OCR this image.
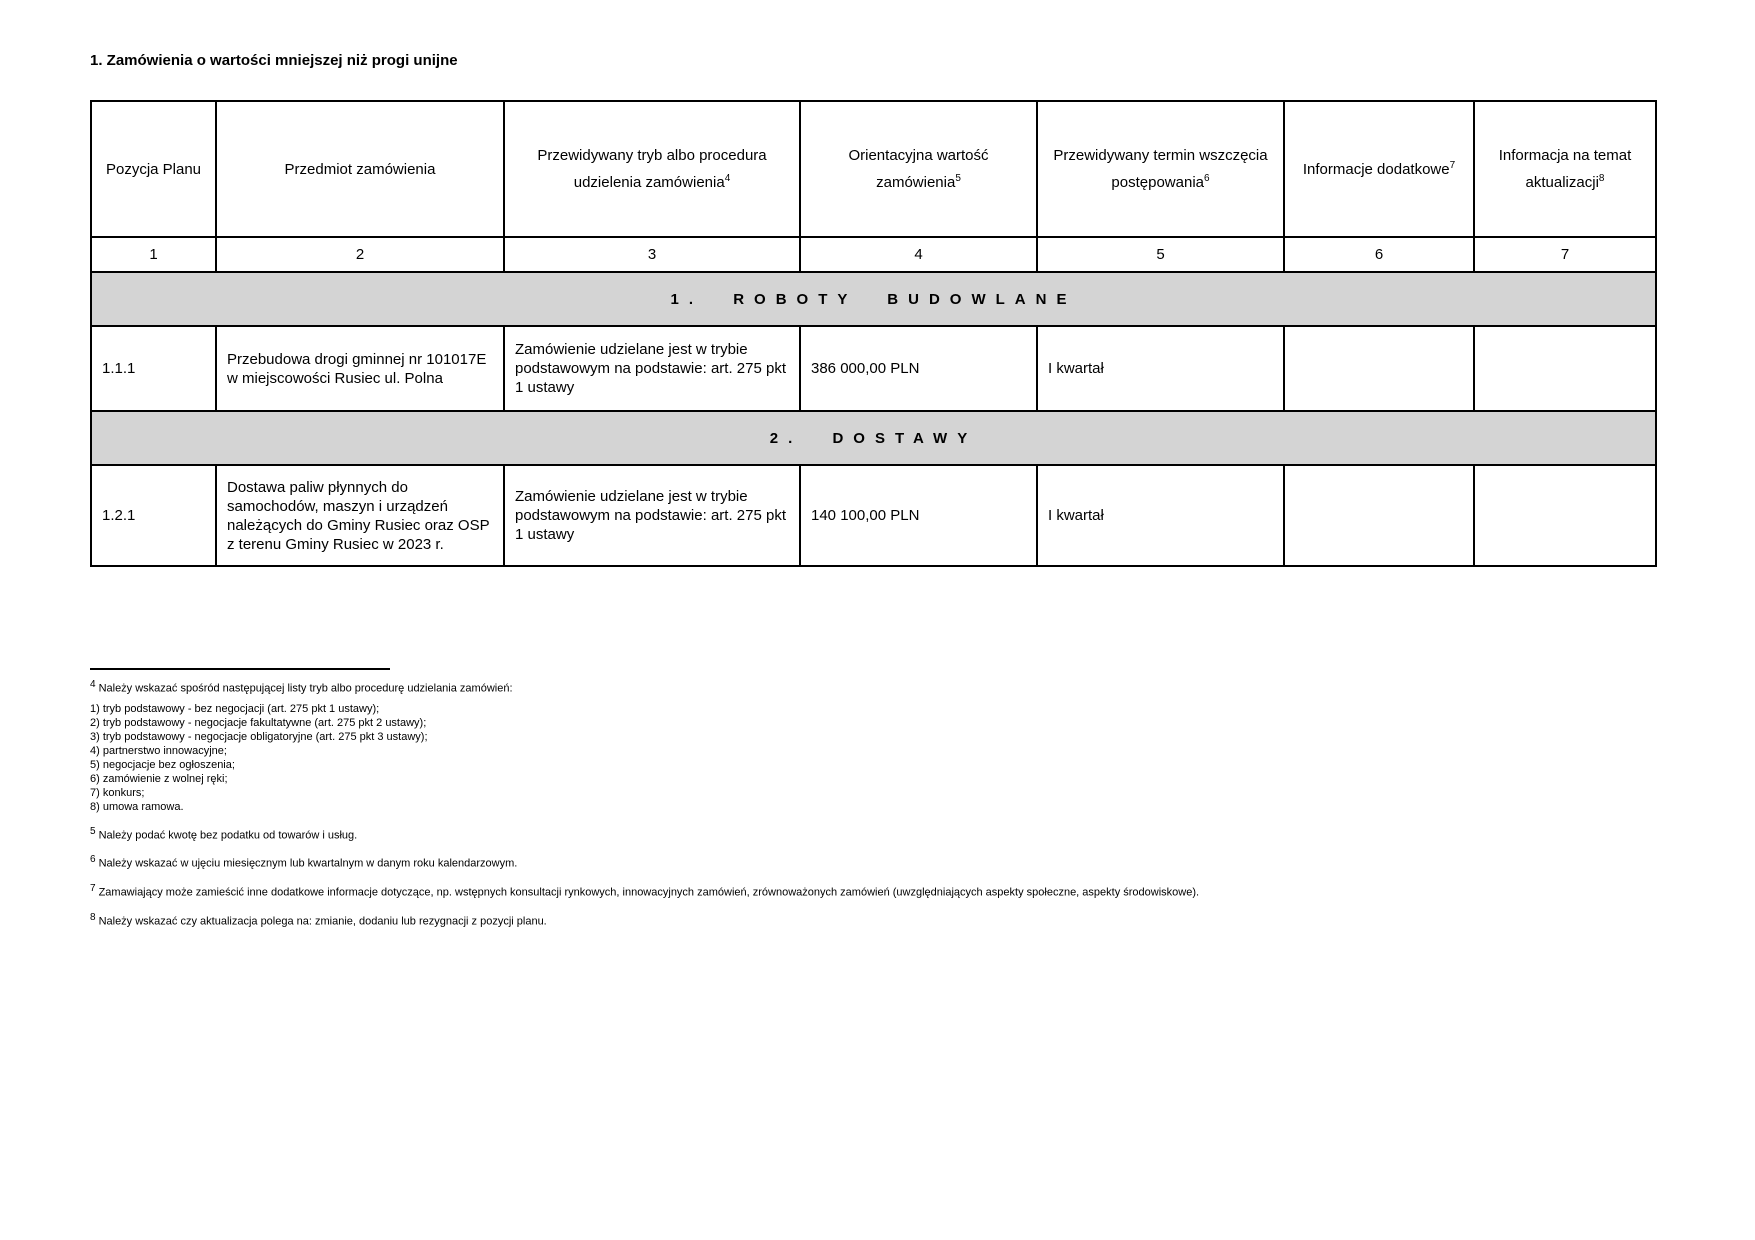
1. Zamówienia o wartości mniejszej niż progi unijne
Pozycja Planu	Przedmiot zamówienia	Przewidywany tryb albo procedura udzielenia zamówienia$^4$	Orientacyjna wartość zamówienia$^5$	Przewidywany termin wszczęcia postępowania$^6$	Informacje dodatkowe$^7$	Informacja na temat aktualizacji$^8$
1	2	3	4	5	6	7
1. ROBOTY BUDOWLANE						
1.1.1	Przebudowa drogi gminnej nr 101017E w miejscowości Rusiec ul. Polna	Zamówienie udzielane jest w trybie podstawowym na podstawie: art. 275 pkt 1 ustawy	386 000,00 PLN	I kwartał		
2. DOSTAWY						
1.2.1	Dostawa paliw płynnych do samochodów, maszyn i urządzeń należących do Gminy Rusiec oraz OSP z terenu Gminy Rusiec w 2023 r.	Zamówienie udzielane jest w trybie podstawowym na podstawie: art. 275 pkt 1 ustawy	140 100,00 PLN	I kwartał		
4 Należy wskazać spośród następującej listy tryb albo procedurę udzielania zamówień:
1) tryb podstawowy - bez negocjacji (art. 275 pkt 1 ustawy);
2) tryb podstawowy - negocjacje fakultatywne (art. 275 pkt 2 ustawy);
3) tryb podstawowy - negocjacje obligatoryjne (art. 275 pkt 3 ustawy);
4) partnerstwo innowacyjne;
5) negocjacje bez ogłoszenia;
6) zamówienie z wolnej ręki;
7) konkurs;
8) umowa ramowa.
5 Należy podać kwotę bez podatku od towarów i usług.
6 Należy wskazać w ujęciu miesięcznym lub kwartalnym w danym roku kalendarzowym.
7 Zamawiający może zamieścić inne dodatkowe informacje dotyczące, np. wstępnych konsultacji rynkowych, innowacyjnych zamówień, zrównoważonych zamówień (uwzględniających aspekty społeczne, aspekty środowiskowe).
8 Należy wskazać czy aktualizacja polega na: zmianie, dodaniu lub rezygnacji z pozycji planu.
